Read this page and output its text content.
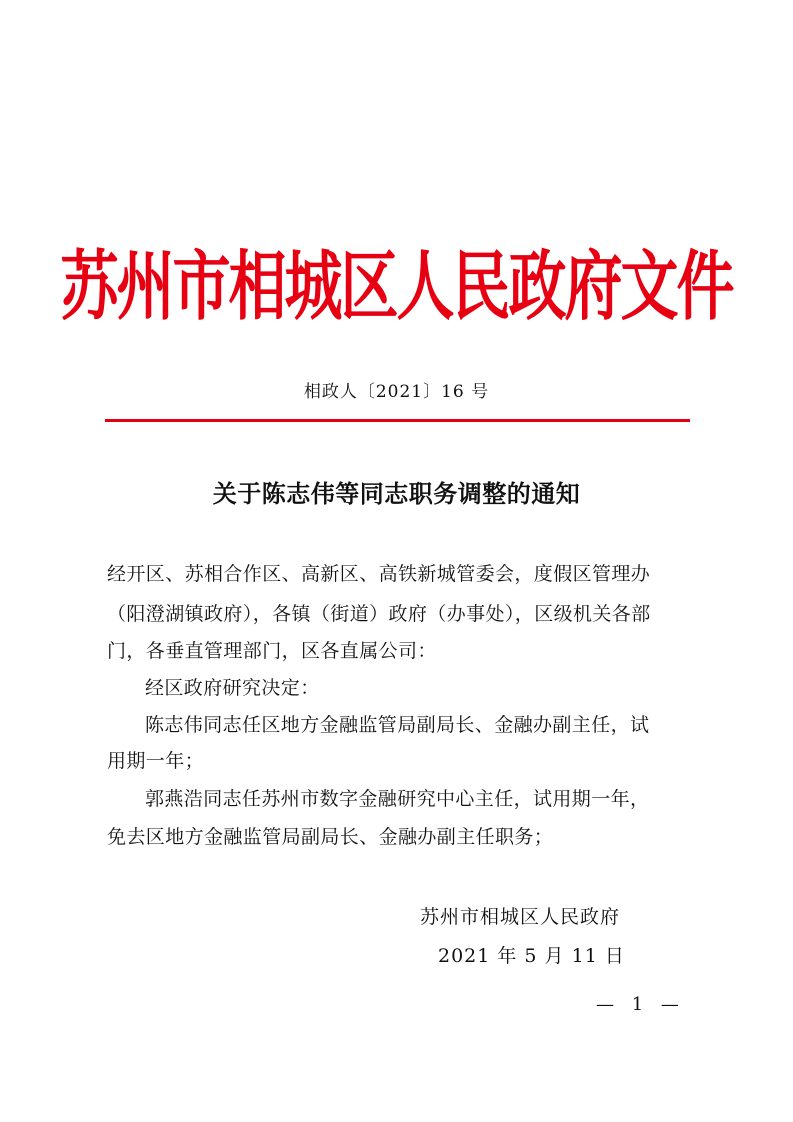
苏州市相城区人民政府文件
相政人〔2021〕16 号
关于陈志伟等同志职务调整的通知
经开区、苏相合作区、高新区、高铁新城管委会，度假区管理办
（阳澄湖镇政府），各镇（街道）政府（办事处），区级机关各部
门，各垂直管理部门，区各直属公司：
经区政府研究决定：
陈志伟同志任区地方金融监管局副局长、金融办副主任，试
用期一年；
郭燕浩同志任苏州市数字金融研究中心主任，试用期一年，
免去区地方金融监管局副局长、金融办副主任职务；
苏州市相城区人民政府
2021 年 5 月 11 日
— 1 —
